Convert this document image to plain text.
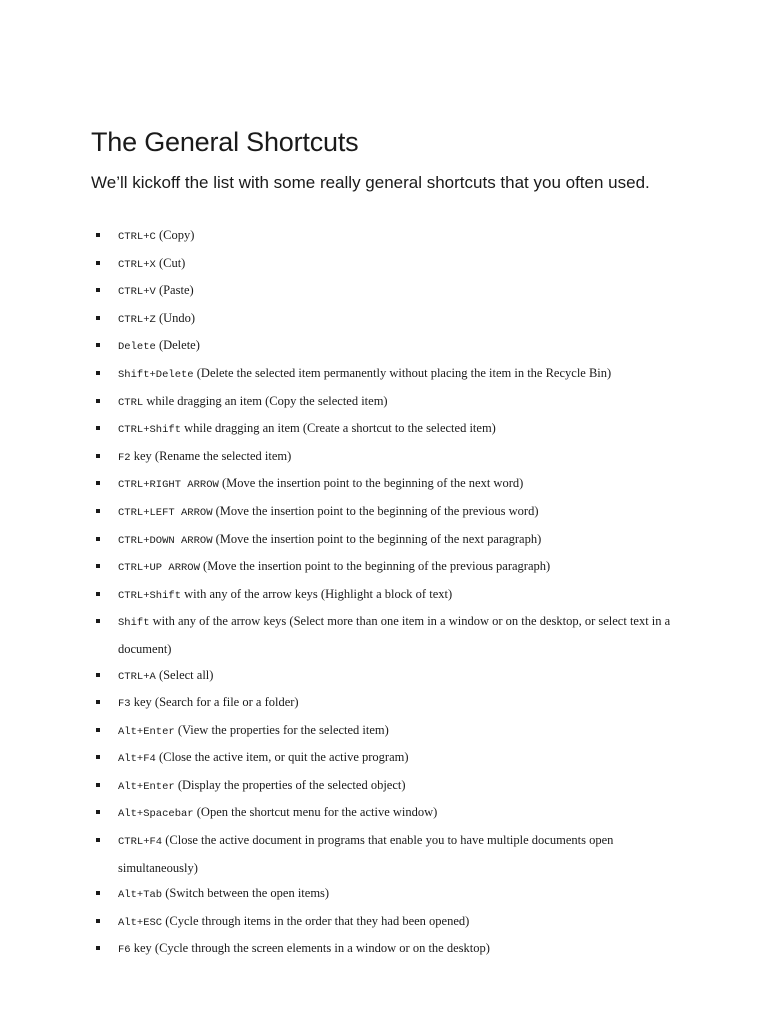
The General Shortcuts

We’ll kickoff the list with some really general shortcuts that you often used.

CTRL+C (Copy)
CTRL+X (Cut)
CTRL+V (Paste)
CTRL+Z (Undo)
Delete (Delete)
Shift+Delete (Delete the selected item permanently without placing the item in the Recycle Bin)
CTRL while dragging an item (Copy the selected item)
CTRL+Shift while dragging an item (Create a shortcut to the selected item)
F2 key (Rename the selected item)
CTRL+RIGHT ARROW (Move the insertion point to the beginning of the next word)
CTRL+LEFT ARROW (Move the insertion point to the beginning of the previous word)
CTRL+DOWN ARROW (Move the insertion point to the beginning of the next paragraph)
CTRL+UP ARROW (Move the insertion point to the beginning of the previous paragraph)
CTRL+Shift with any of the arrow keys (Highlight a block of text)
Shift with any of the arrow keys (Select more than one item in a window or on the desktop, or select text in a document)
CTRL+A (Select all)
F3 key (Search for a file or a folder)
Alt+Enter (View the properties for the selected item)
Alt+F4 (Close the active item, or quit the active program)
Alt+Enter (Display the properties of the selected object)
Alt+Spacebar (Open the shortcut menu for the active window)
CTRL+F4 (Close the active document in programs that enable you to have multiple documents open simultaneously)
Alt+Tab (Switch between the open items)
Alt+ESC (Cycle through items in the order that they had been opened)
F6 key (Cycle through the screen elements in a window or on the desktop)
